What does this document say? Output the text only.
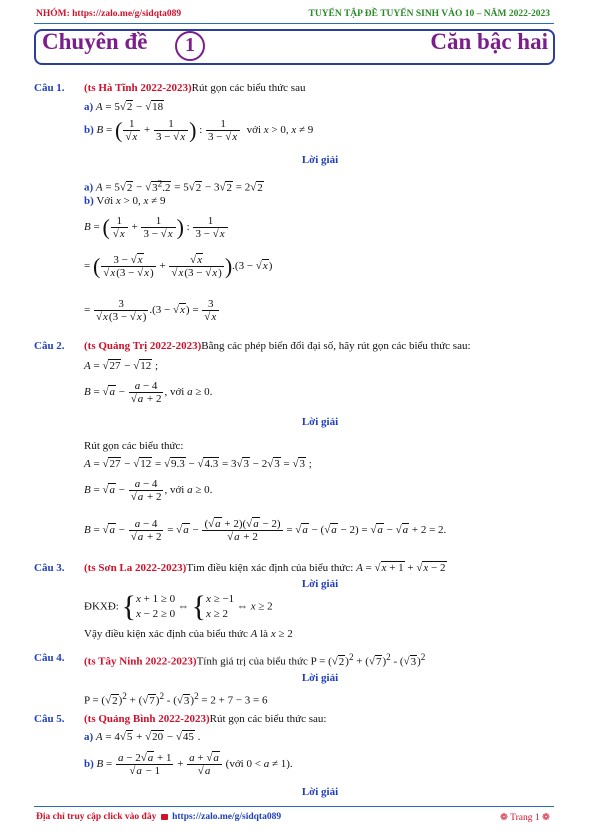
NHÓM: https://zalo.me/g/sidqta089	TUYỂN TẬP ĐỀ TUYỂN SINH VÀO 10 – NĂM 2022-2023
Chuyên đề	1	Căn bậc hai
Câu 1. (ts Hà Tĩnh 2022-2023)Rút gọn các biểu thức sau
a) A = 5√2 − √18
b) B = ( $\frac{1}{√x} + \frac{1}{3 - √x}$ ) : $\frac{1}{3 - √x}$ với x > 0, x ≠ 9
Lời giải
a) $A = 5√2 - √3^2.2 = 5√2 - 3√2 = 2√2$
b) Với x > 0, x ≠ 9
B = ( $\frac{1}{√x} + \frac{1}{3 - √x}$ ) : $\frac{1}{3 - √x}$
= ( $\frac{3 - √x}{√x(3 - √x)} + \frac{√x}{√x(3 - √x)} ).(3 - √x)$
= $\frac{3}{√x(3 - √x)} .(3 - √x) = \frac{3}{√x}$
Câu 2. (ts Quảng Trị 2022-2023)Bằng các phép biến đổi đại số, hãy rút gọn các biểu thức sau:
A = √27 − √12 ;
$B = √a - \frac{a - 4}{√a + 2}$ , với a ≥ 0.
Lời giải
Rút gọn các biểu thức:
A = √27 − √12 = √9.3 − √4.3 = 3√3 − 2√3 = √3 ;
$B = √a - \frac{a - 4}{√a + 2}$ , với a ≥ 0.
$B = √a - \frac{a - 4}{√a + 2} = √a - \frac{(√a + 2)(√a - 2)}{√a + 2} = √a - (√a - 2) = √a - √a + 2 = 2$.
Câu 3. (ts Sơn La 2022-2023)Tìm điều kiện xác định của biểu thức: A = √x + 1 + √x − 2
Lời giải
ĐKXĐ: {x + 1 ≥ 0
x − 2 ≥ 0 ⇔ {x ≥ −1
x ≥ 2 ⇔ x ≥ 2
Vậy điều kiện xác định của biểu thức A là x ≥ 2
Câu 4. (ts Tây Ninh 2022-2023)Tính giá trị của biểu thức $P = (√2)^2 + (√7)^2 - (√3)^2$
Lời giải
$P = (√2)^2 + (√7)^2 - (√3)^2 = 2 + 7 - 3 = 6$
Câu 5. (ts Quảng Bình 2022-2023)Rút gọn các biểu thức sau:
a) A = 4√5 + √20 − √45 .
b) $B = \frac{a - 2√a + 1}{√a - 1} + \frac{a + √a}{√a}$ (với 0 < a ≠ 1).
Lời giải
Địa chỉ truy cập click vào đây https://zalo.me/g/sidqta089	❁ Trang 1 ❁
